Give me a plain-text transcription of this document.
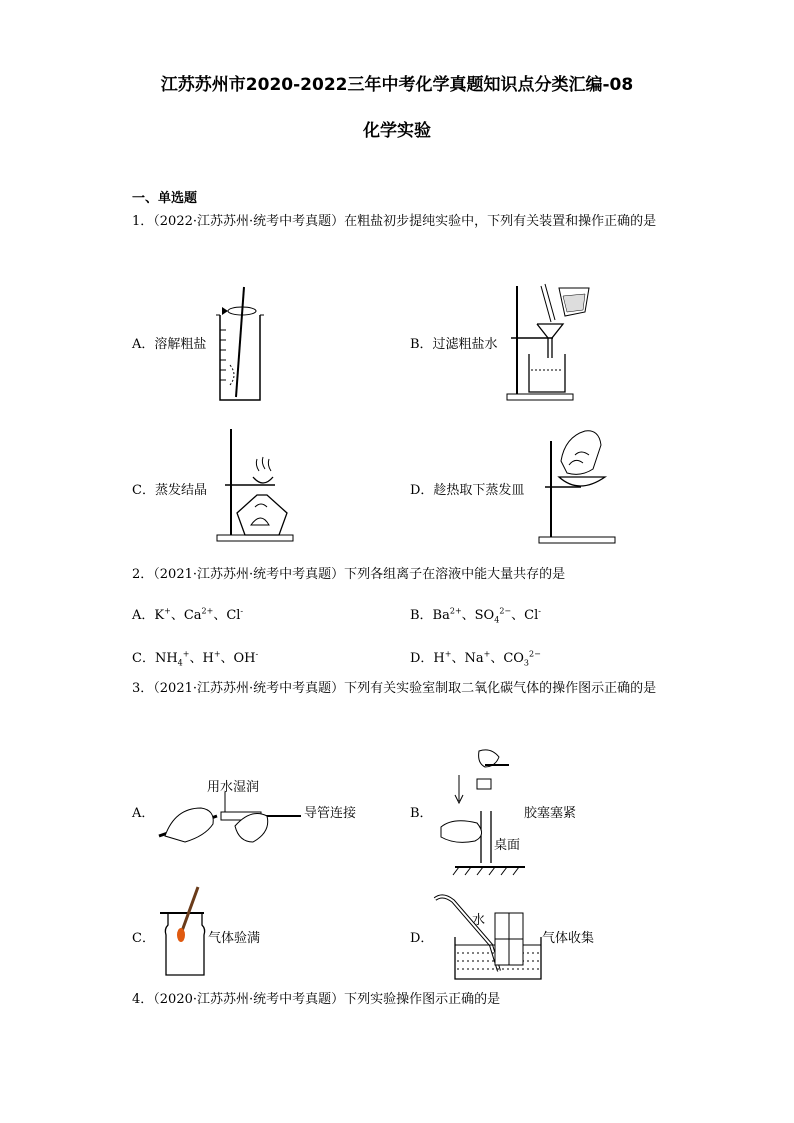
江苏苏州市2020-2022三年中考化学真题知识点分类汇编-08
化学实验
一、单选题
1．（2022·江苏苏州·统考中考真题）在粗盐初步提纯实验中，下列有关装置和操作正确的是
A．溶解粗盐	B．过滤粗盐水
C．蒸发结晶	D．趁热取下蒸发皿
2．（2021·江苏苏州·统考中考真题）下列各组离子在溶液中能大量共存的是
A．K+、$Ca^{2+}$、Cl-	B．$Ba^{2+}$、$SO_4^{2-}$、Cl-
C．$NH_4^+$、H+、OH-	D．H+、Na+、$CO_3^{2-}$
3．（2021·江苏苏州·统考中考真题）下列有关实验室制取二氧化碳气体的操作图示正确的是
A．
用水湿润
导管连接	B．	胶塞塞紧
桌面
C．	气体验满	D．
水
气体收集
4．（2020·江苏苏州·统考中考真题）下列实验操作图示正确的是
